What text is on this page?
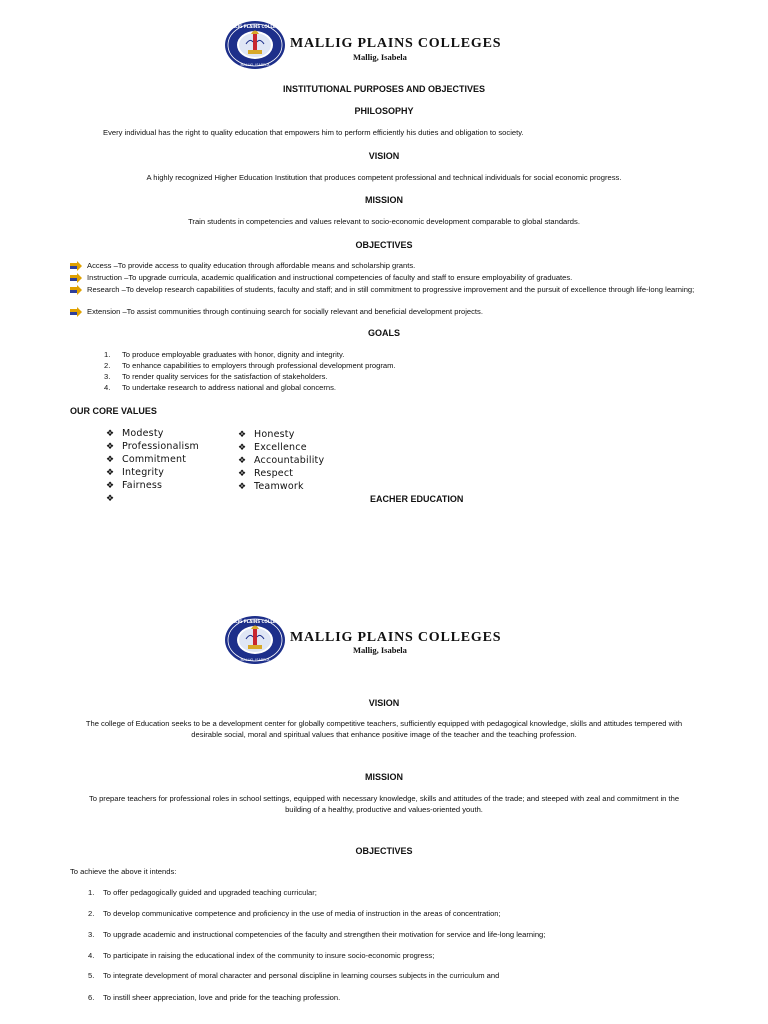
MALLIG PLAINS COLLEGES
MALLIG, ISABELA
MALLIG PLAINS COLLEGES
Mallig, Isabela
INSTITUTIONAL PURPOSES AND OBJECTIVES
PHILOSOPHY
Every individual has the right to quality education that empowers him to perform efficiently his duties and obligation to society.
VISION
A highly recognized Higher Education Institution that produces competent professional and technical individuals for social economic progress.
MISSION
Train students in competencies and values relevant to socio-economic development comparable to global standards.
OBJECTIVES
Access –To provide access to quality education through affordable means and scholarship grants.
Instruction –To upgrade curricula, academic qualification and instructional competencies of faculty and staff to ensure employability of graduates.
Research –To develop research capabilities of students, faculty and staff; and in still commitment to progressive improvement and the pursuit of excellence through life-long learning;
Extension –To assist communities through continuing search for socially relevant and beneficial development projects.
GOALS
1.	To produce employable graduates with honor, dignity and integrity.
2.	To enhance capabilities to employers through professional development program.
3.	To render quality services for the satisfaction of stakeholders.
4.	To undertake research to address national and global concerns.
OUR CORE VALUES
❖ Modesty
❖ Professionalism
❖ Commitment
❖ Integrity
❖ Fairness
❖
❖ Honesty
❖ Excellence
❖ Accountability
❖ Respect
❖ Teamwork
EACHER EDUCATION
MALLIG PLAINS COLLEGES
MALLIG, ISABELA
MALLIG PLAINS COLLEGES
Mallig, Isabela
VISION
The college of Education seeks to be a development center for globally competitive teachers, sufficiently equipped with pedagogical knowledge, skills and attitudes tempered with
desirable social, moral and spiritual values that enhance positive image of the teacher and the teaching profession.
MISSION
To prepare teachers for professional roles in school settings, equipped with necessary knowledge, skills and attitudes of the trade; and steeped with zeal and commitment in the
building of a healthy, productive and values-oriented youth.
OBJECTIVES
To achieve the above it intends:
1. To offer pedagogically guided and upgraded teaching curricular;
2. To develop communicative competence and proficiency in the use of media of instruction in the areas of concentration;
3. To upgrade academic and instructional competencies of the faculty and strengthen their motivation for service and life-long learning;
4. To participate in raising the educational index of the community to insure socio-economic progress;
5. To integrate development of moral character and personal discipline in learning courses subjects in the curriculum and
6. To instill sheer appreciation, love and pride for the teaching profession.
